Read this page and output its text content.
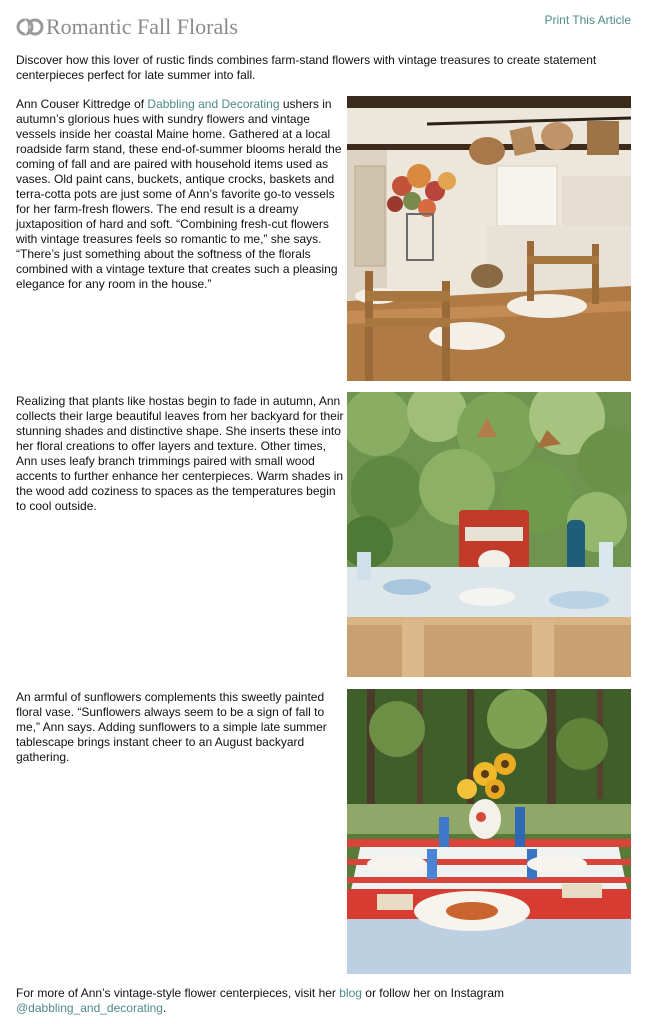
Romantic Fall Florals	Print This Article

Discover how this lover of rustic finds combines farm-stand flowers with vintage treasures to create statement centerpieces perfect for late summer into fall.

Ann Couser Kittredge of Dabbling and Decorating ushers in autumn’s glorious hues with sundry flowers and vintage vessels inside her coastal Maine home. Gathered at a local roadside farm stand, these end-of-summer blooms herald the coming of fall and are paired with household items used as vases. Old paint cans, buckets, antique crocks, baskets and terra-cotta pots are just some of Ann’s favorite go-to vessels for her farm-fresh flowers. The end result is a dreamy juxtaposition of hard and soft. “Combining fresh-cut flowers with vintage treasures feels so romantic to me,” she says. “There’s just something about the softness of the florals combined with a vintage texture that creates such a pleasing elegance for any room in the house.”

Realizing that plants like hostas begin to fade in autumn, Ann collects their large beautiful leaves from her backyard for their stunning shades and distinctive shape. She inserts these into her floral creations to offer layers and texture. Other times, Ann uses leafy branch trimmings paired with small wood accents to further enhance her centerpieces. Warm shades in the wood add coziness to spaces as the temperatures begin to cool outside.

An armful of sunflowers complements this sweetly painted floral vase. “Sunflowers always seem to be a sign of fall to me,” Ann says. Adding sunflowers to a simple late summer tablescape brings instant cheer to an August backyard gathering.

For more of Ann’s vintage-style flower centerpieces, visit her blog or follow her on Instagram @dabbling_and_decorating.
